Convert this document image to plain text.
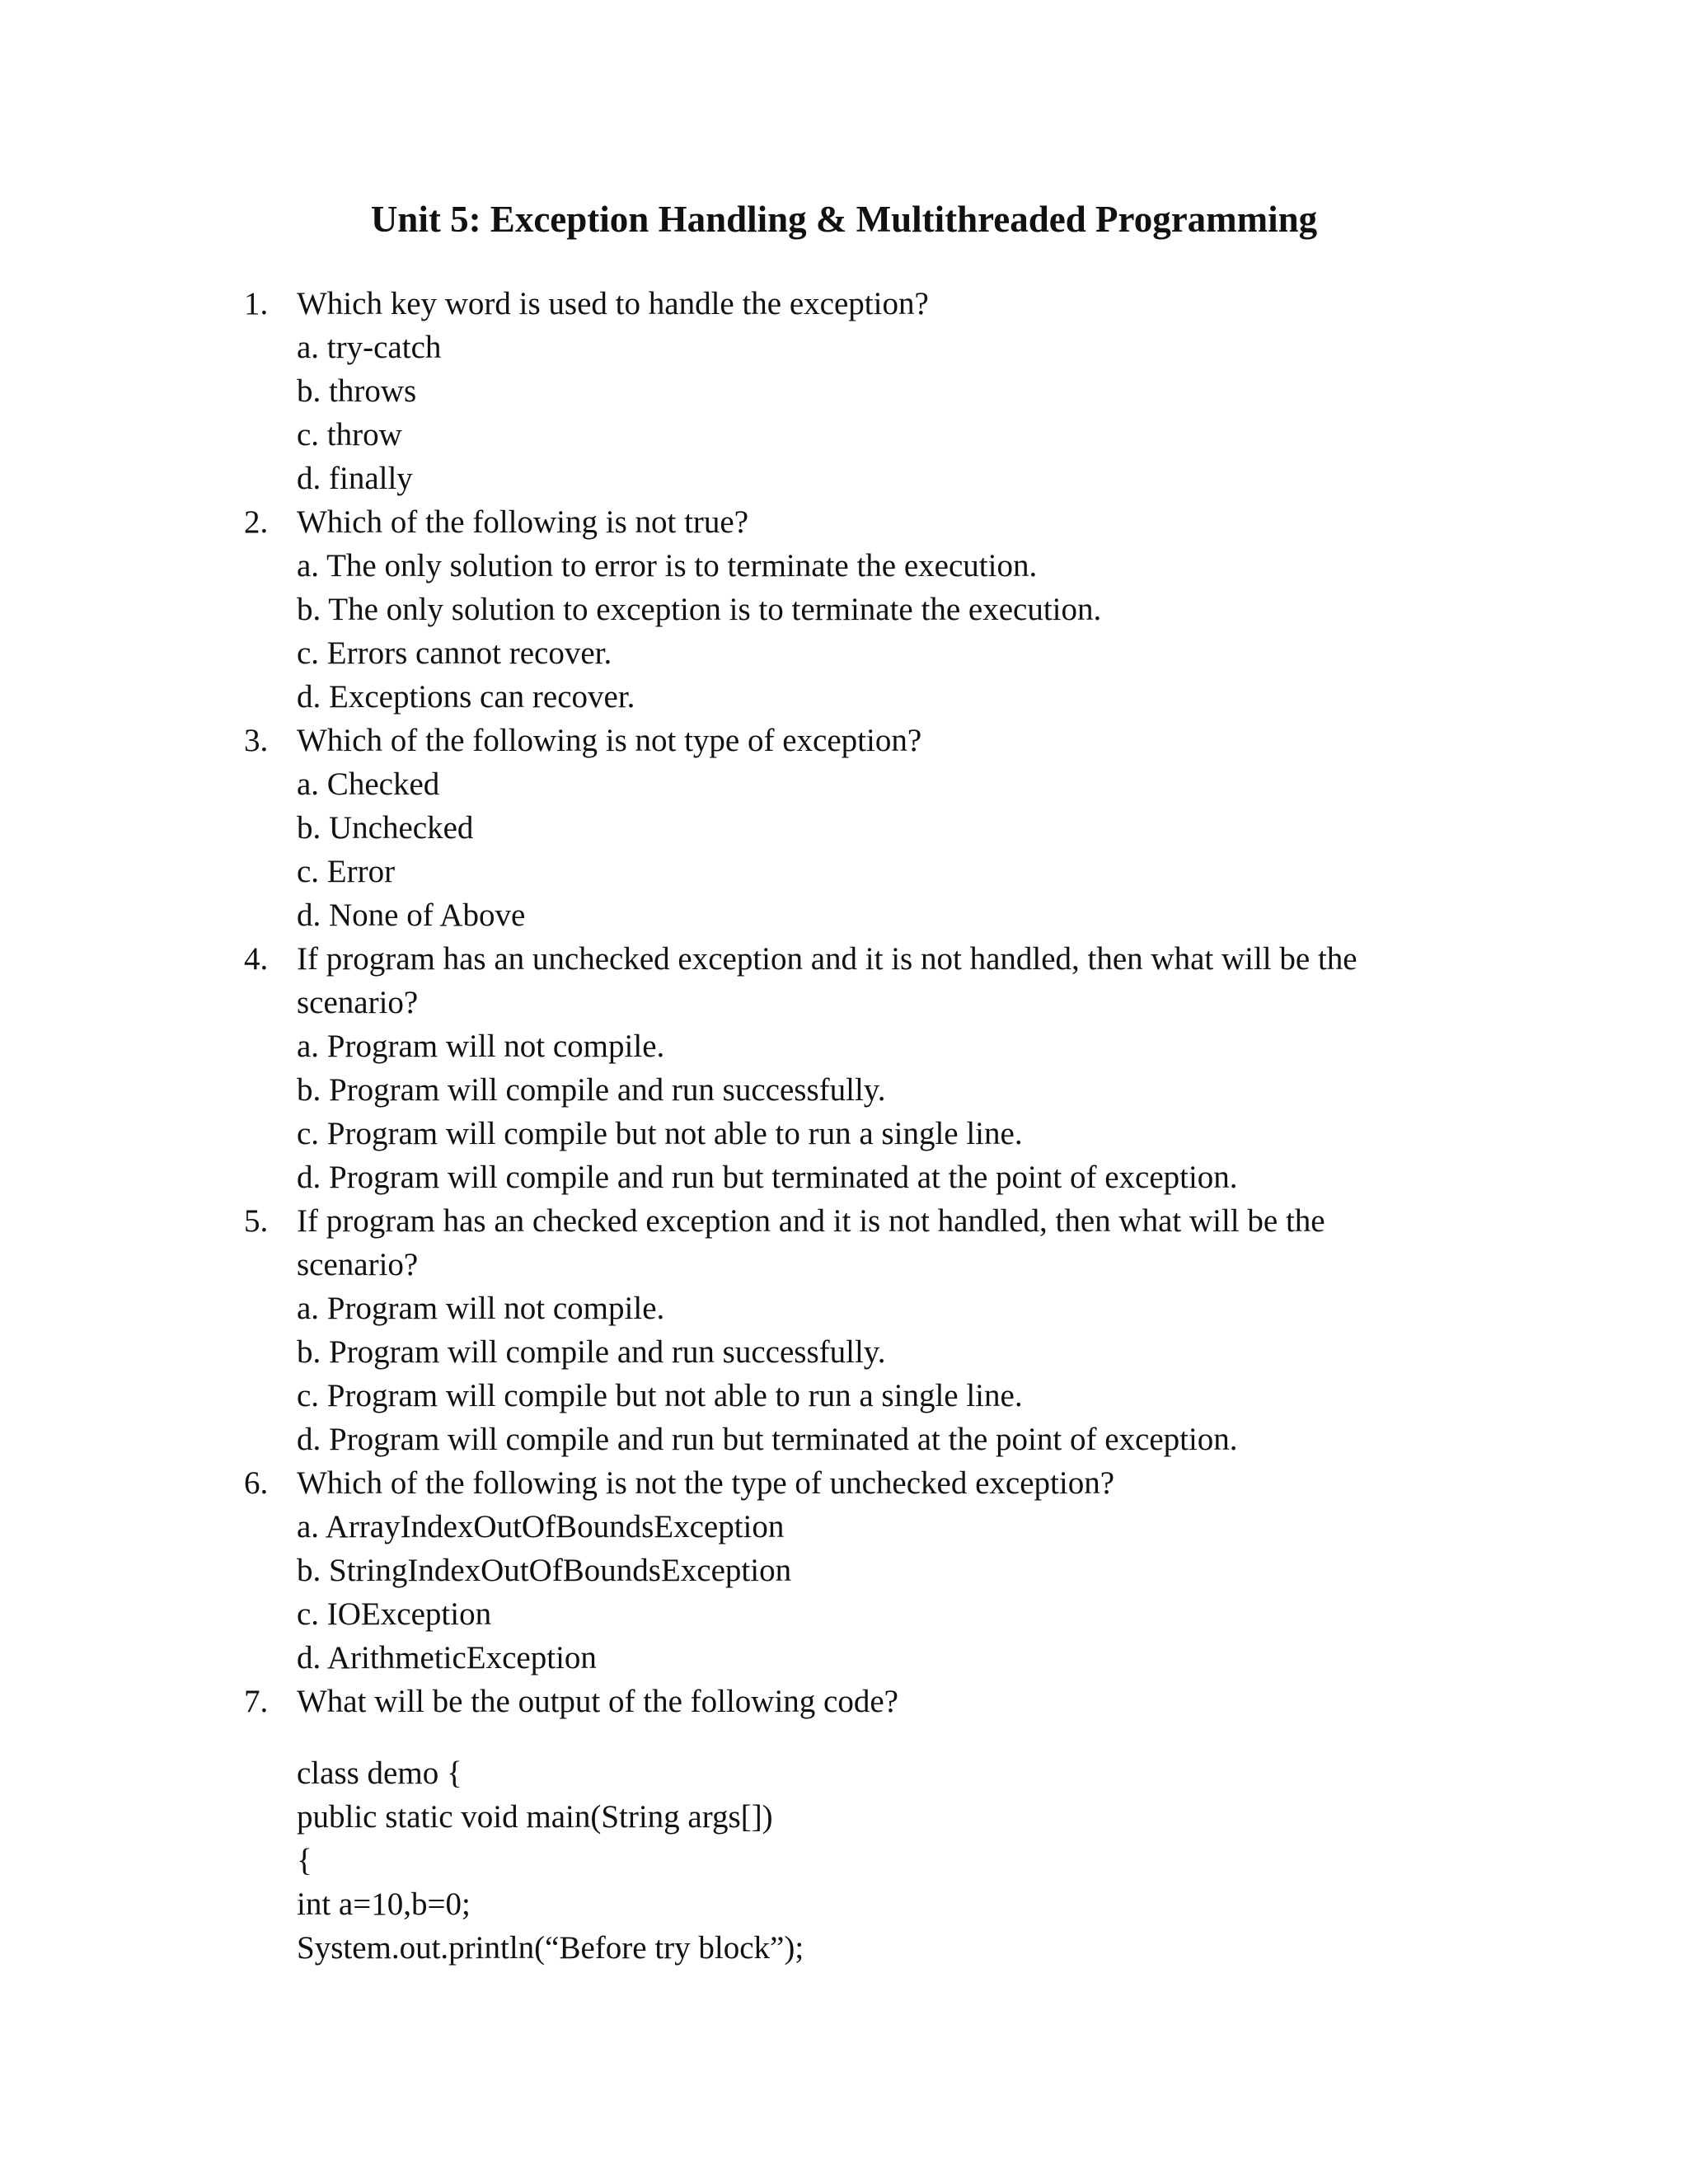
Unit 5: Exception Handling & Multithreaded Programming
1. Which key word is used to handle the exception?
a. try-catch
b. throws
c. throw
d. finally
2. Which of the following is not true?
a. The only solution to error is to terminate the execution.
b. The only solution to exception is to terminate the execution.
c. Errors cannot recover.
d. Exceptions can recover.
3. Which of the following is not type of exception?
a. Checked
b. Unchecked
c. Error
d. None of Above
4. If program has an unchecked exception and it is not handled, then what will be the scenario?
a. Program will not compile.
b. Program will compile and run successfully.
c. Program will compile but not able to run a single line.
d. Program will compile and run but terminated at the point of exception.
5. If program has an checked exception and it is not handled, then what will be the scenario?
a. Program will not compile.
b. Program will compile and run successfully.
c. Program will compile but not able to run a single line.
d. Program will compile and run but terminated at the point of exception.
6. Which of the following is not the type of unchecked exception?
a. ArrayIndexOutOfBoundsException
b. StringIndexOutOfBoundsException
c. IOException
d. ArithmeticException
7. What will be the output of the following code?
class demo {
public static void main(String args[])
{
int a=10,b=0;
System.out.println(“Before try block”);
